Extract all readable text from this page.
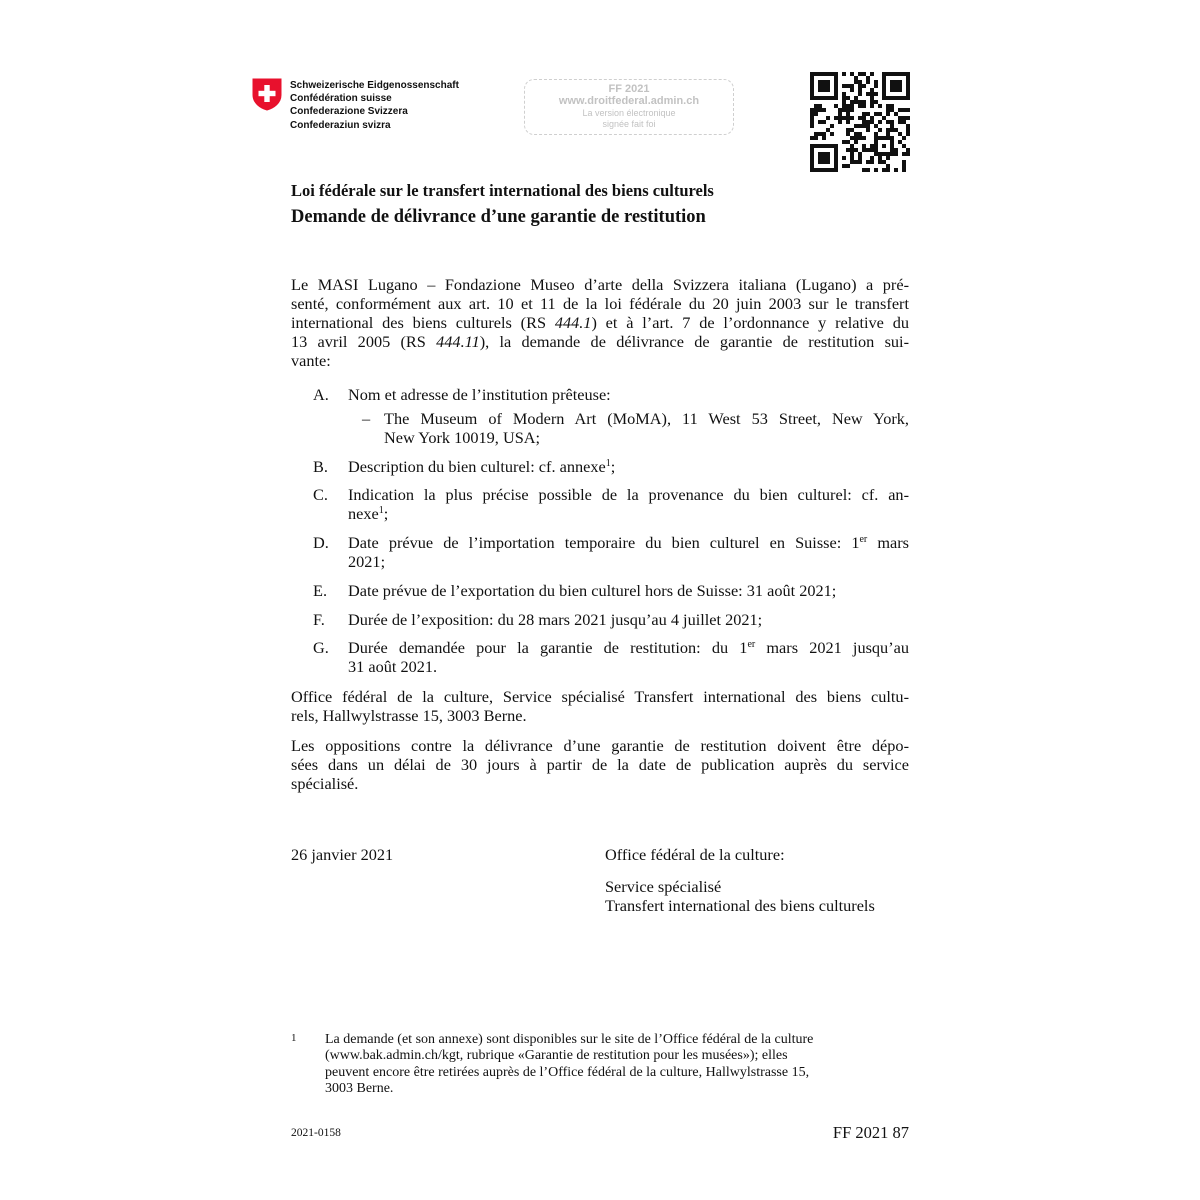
Schweizerische Eidgenossenschaft
Confédération suisse
Confederazione Svizzera
Confederaziun svizra
FF 2021
www.droitfederal.admin.ch
La version électronique
signée fait foi
Loi fédérale sur le transfert international des biens culturels
Demande de délivrance d’une garantie de restitution
Le MASI Lugano – Fondazione Museo d’arte della Svizzera italiana (Lugano) a pré-
senté, conformément aux art. 10 et 11 de la loi fédérale du 20 juin 2003 sur le transfert
international des biens culturels (RS 444.1) et à l’art. 7 de l’ordonnance y relative du
13 avril 2005 (RS 444.11), la demande de délivrance de garantie de restitution sui-
vante:
A. Nom et adresse de l’institution prêteuse:
– The Museum of Modern Art (MoMA), 11 West 53 Street, New York,
New York 10019, USA;
B. Description du bien culturel: cf. annexe$^1$;
C. Indication la plus précise possible de la provenance du bien culturel: cf. an-
nexe$^1$;
D. Date prévue de l’importation temporaire du bien culturel en Suisse: 1er mars
2021;
E. Date prévue de l’exportation du bien culturel hors de Suisse: 31 août 2021;
F. Durée de l’exposition: du 28 mars 2021 jusqu’au 4 juillet 2021;
G. Durée demandée pour la garantie de restitution: du 1er mars 2021 jusqu’au
31 août 2021.
Office fédéral de la culture, Service spécialisé Transfert international des biens cultu-
rels, Hallwylstrasse 15, 3003 Berne.
Les oppositions contre la délivrance d’une garantie de restitution doivent être dépo-
sées dans un délai de 30 jours à partir de la date de publication auprès du service
spécialisé.
26 janvier 2021	Office fédéral de la culture:
Service spécialisé
Transfert international des biens culturels
1 La demande (et son annexe) sont disponibles sur le site de l’Office fédéral de la culture
(www.bak.admin.ch/kgt, rubrique «Garantie de restitution pour les musées»); elles
peuvent encore être retirées auprès de l’Office fédéral de la culture, Hallwylstrasse 15,
3003 Berne.
2021-0158	FF 2021 87
